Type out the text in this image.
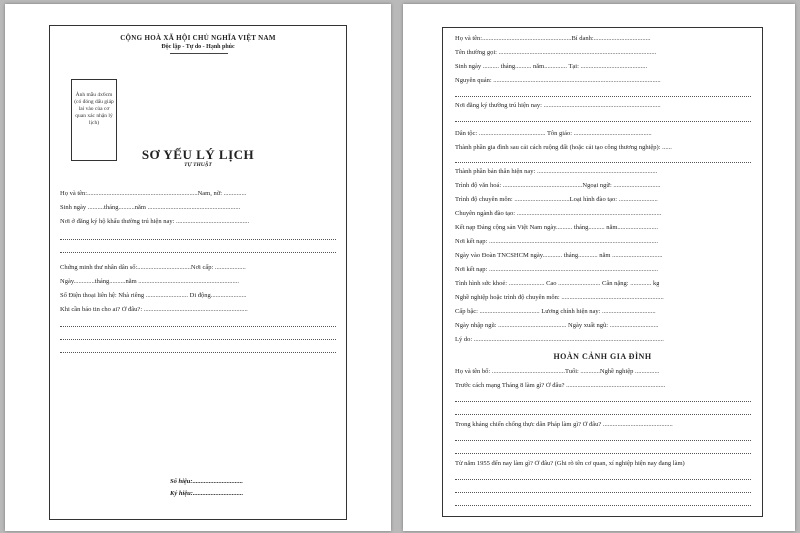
CỘNG HOÀ XÃ HỘI CHỦ NGHĨA VIỆT NAM
Độc lập - Tự do - Hạnh phúc
Ảnh mẫu 4x6cm (có đóng dấu giáp lai vào của cơ quan xác nhận lý lịch)
SƠ YẾU LÝ LỊCH
TỰ THUẬT
Họ và tên:....................................................................Nam, nữ: ..............
Sinh ngày ..........tháng..........năm .........................................................
Nơi ở đăng ký hộ khẩu thường trú hiện nay: .............................................
Chứng minh thư nhân dân số:.................................Nơi cấp: ...................
Ngày.............tháng..........năm ..............................................................
Số Điện thoại liên hệ: Nhà riêng .......................... Di động......................
Khi cần báo tin cho ai? Ở đâu?: ................................................................
Số hiệu:...............................
Ký hiệu:...............................
Họ và tên:.......................................................Bí danh:...................................
Tên thường gọi: .................................................................................................
Sinh ngày .......... tháng.......... năm.............. Tại: .........................................
Nguyên quán: .......................................................................................................
Nơi đăng ký thường trú hiện nay: ........................................................................
Dân tộc: ......................................... Tôn giáo: ................................................
Thành phần gia đình sau cải cách ruộng đất (hoặc cải tạo công thương nghiệp): ......
Thành phần bản thân hiện nay: ..........................................................................
Trình độ văn hoá: .................................................Ngoại ngữ: .............................
Trình độ chuyên môn: ..................................Loại hình đào tạo: ........................
Chuyên ngành đào tạo: .........................................................................................
Kết nạp Đảng cộng sản Việt Nam ngày.......... tháng.......... năm.........................
Nơi kết nạp: ........................................................................................................
Ngày vào Đoàn TNCSHCM ngày............ tháng............ năm ...............................
Nơi kết nạp: ........................................................................................................
Tình hình sức khoẻ: ...................... Cao .......................... Cân nặng: ............. kg
Nghề nghiệp hoặc trình độ chuyên môn: ...............................................................
Cấp bậc: ..................................... Lương chính hiện nay: .................................
Ngày nhập ngũ: .......................................... Ngày xuất ngũ: ..............................
Lý do: .....................................................................................................................
HOÀN CẢNH GIA ĐÌNH
Họ và tên bố: .............................................Tuổi: ............Nghề nghiệp ...............
Trước cách mạng Tháng 8 làm gì? Ở đâu? .............................................................
Trong kháng chiến chống thực dân Pháp làm gì? Ở đâu? ...........................................
Từ năm 1955 đến nay làm gì? Ở đâu? (Ghi rõ tên cơ quan, xí nghiệp hiện nay đang làm)
